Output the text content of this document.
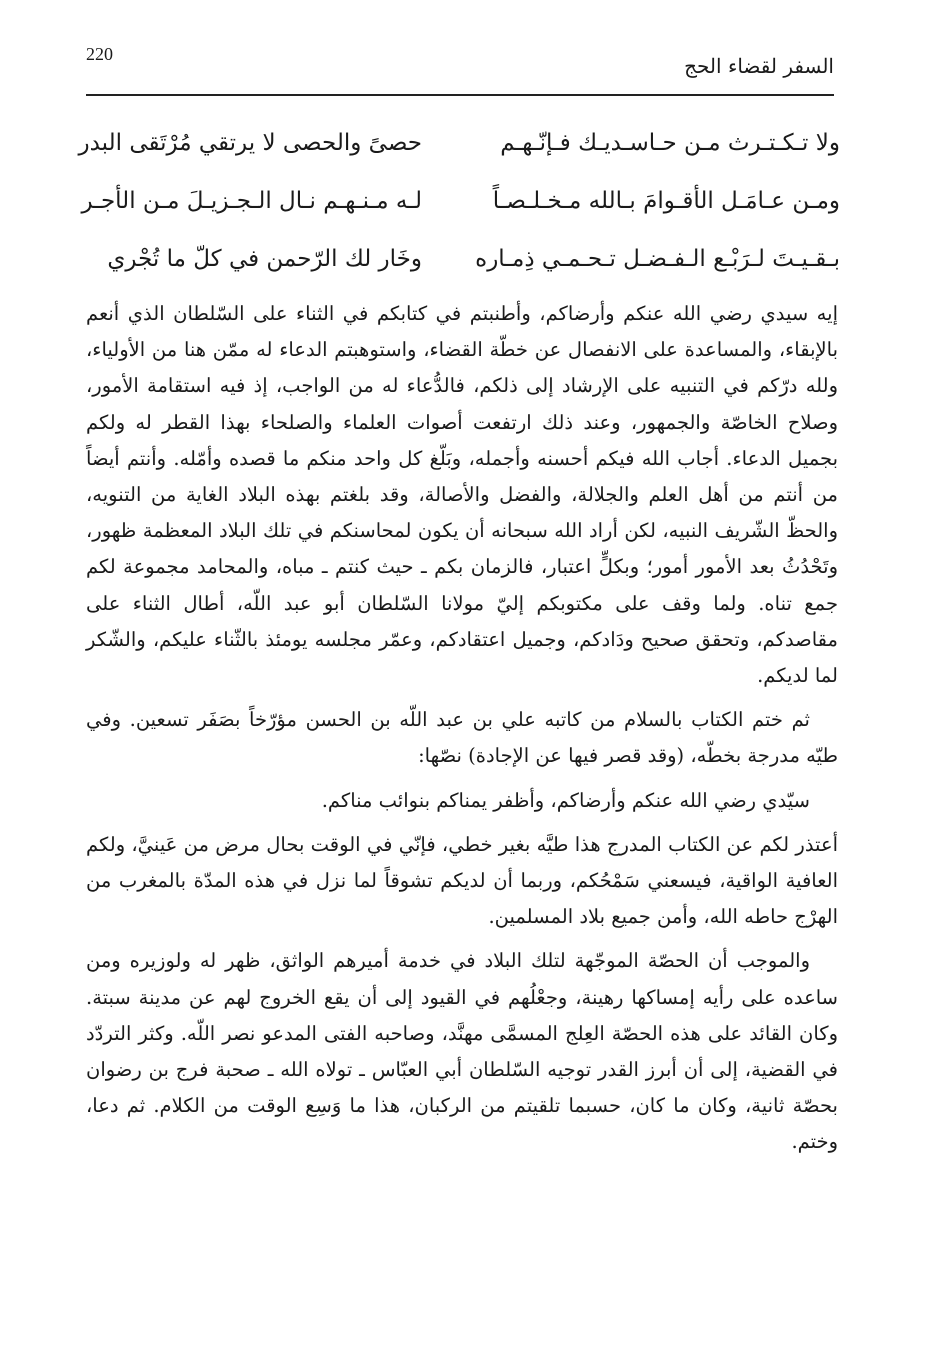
220	السفر لقضاء الحج
ولا تـكـتـرث مـن حـاسـديـك فـإنّـهـم
حصىً والحصى لا يرتقي مُرْتَقى البدر
ومـن عـامَـل الأقـوامَ بـالله مـخـلـصـاً
لـه مـنـهـم نـال الـجـزيـلَ مـن الأجـر
بـقـيـتَ لـرَبْـع الـفـضـل تـحـمـي ذِمـاره
وخَار لك الرّحمن في كلّ ما تُجْري

إيه سيدي رضي الله عنكم وأرضاكم، وأطنبتم في كتابكم في الثناء على السّلطان الذي أنعم بالإبقاء، والمساعدة على الانفصال عن خطّة القضاء، واستوهبتم الدعاء له ممّن هنا من الأولياء، ولله درّكم في التنبيه على الإرشاد إلى ذلكم، فالدُّعاء له من الواجب، إذ فيه استقامة الأمور، وصلاح الخاصّة والجمهور، وعند ذلك ارتفعت أصوات العلماء والصلحاء بهذا القطر له ولكم بجميل الدعاء. أجاب الله فيكم أحسنه وأجمله، وبَلّغ كل واحد منكم ما قصده وأمّله. وأنتم أيضاً من أنتم من أهل العلم والجلالة، والفضل والأصالة، وقد بلغتم بهذه البلاد الغاية من التنويه، والحظّ الشّريف النبيه، لكن أراد الله سبحانه أن يكون لمحاسنكم في تلك البلاد المعظمة ظهور، وتَحْدُثُ بعد الأمور أمور؛ وبكلٍّ اعتبار، فالزمان بكم ـ حيث كنتم ـ مباه، والمحامد مجموعة لكم جمع تناه. ولما وقف على مكتوبكم إليّ مولانا السّلطان أبو عبد اللّه، أطال الثناء على مقاصدكم، وتحقق صحيح ودَادكم، وجميل اعتقادكم، وعمّر مجلسه يومئذ بالثّناء عليكم، والشّكر لما لديكم.

ثم ختم الكتاب بالسلام من كاتبه علي بن عبد اللّه بن الحسن مؤرّخاً بصَفَر تسعين. وفي طيّه مدرجة بخطّه، (وقد قصر فيها عن الإجادة) نصّها:

سيّدي رضي الله عنكم وأرضاكم، وأظفر يمناكم بنوائب مناكم.

أعتذر لكم عن الكتاب المدرج هذا طيَّه بغير خطي، فإنّي في الوقت بحال مرض من عَينيَّ، ولكم العافية الواقية، فيسعني سَمْحُكم، وربما أن لديكم تشوقاً لما نزل في هذه المدّة بالمغرب من الهرْج حاطه الله، وأمن جميع بلاد المسلمين.

والموجب أن الحصّة الموجّهة لتلك البلاد في خدمة أميرهم الواثق، ظهر له ولوزيره ومن ساعده على رأيه إمساكها رهينة، وجعْلُهم في القيود إلى أن يقع الخروج لهم عن مدينة سبتة. وكان القائد على هذه الحصّة العِلج المسمَّى مهنَّد، وصاحبه الفتى المدعو نصر اللّه. وكثر التردّد في القضية، إلى أن أبرز القدر توجيه السّلطان أبي العبّاس ـ تولاه الله ـ صحبة فرج بن رضوان بحصّة ثانية، وكان ما كان، حسبما تلقيتم من الركبان، هذا ما وَسِع الوقت من الكلام. ثم دعا، وختم.
